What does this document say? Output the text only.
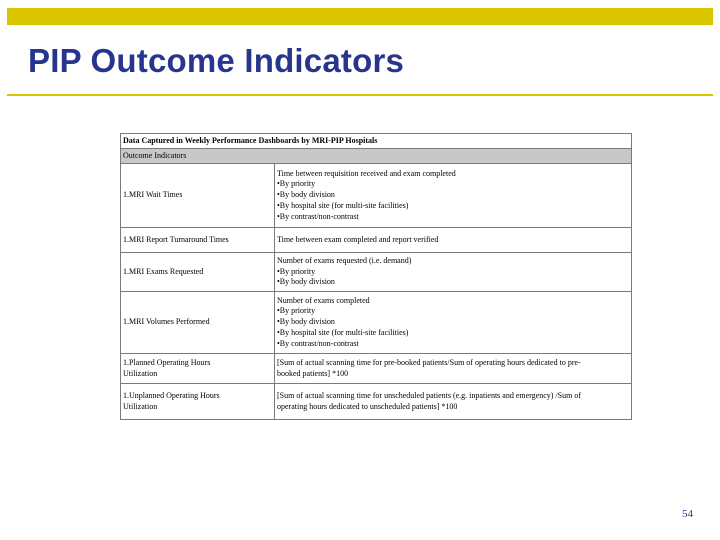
PIP Outcome Indicators
Data Captured in Weekly Performance Dashboards by MRI-PIP Hospitals	
Outcome Indicators	

1.MRI Wait Times	Time between requisition received and exam completed
•By priority
•By body division
•By hospital site (for multi-site facilities)
•By contrast/non-contrast

1.MRI Report Turnaround Times	Time between exam completed and report verified

1.MRI Exams Requested	Number of exams requested (i.e. demand)
•By priority
•By body division

1.MRI Volumes Performed	Number of exams completed
•By priority
•By body division
•By hospital site (for multi-site facilities)
•By contrast/non-contrast

1.Planned Operating Hours
Utilization	[Sum of actual scanning time for pre-booked patients/Sum of operating hours dedicated to pre-
booked patients] *100

1.Unplanned Operating Hours
Utilization	[Sum of actual scanning time for unscheduled patients (e.g. inpatients and emergency) /Sum of
operating hours dedicated to unscheduled patients] *100
54
